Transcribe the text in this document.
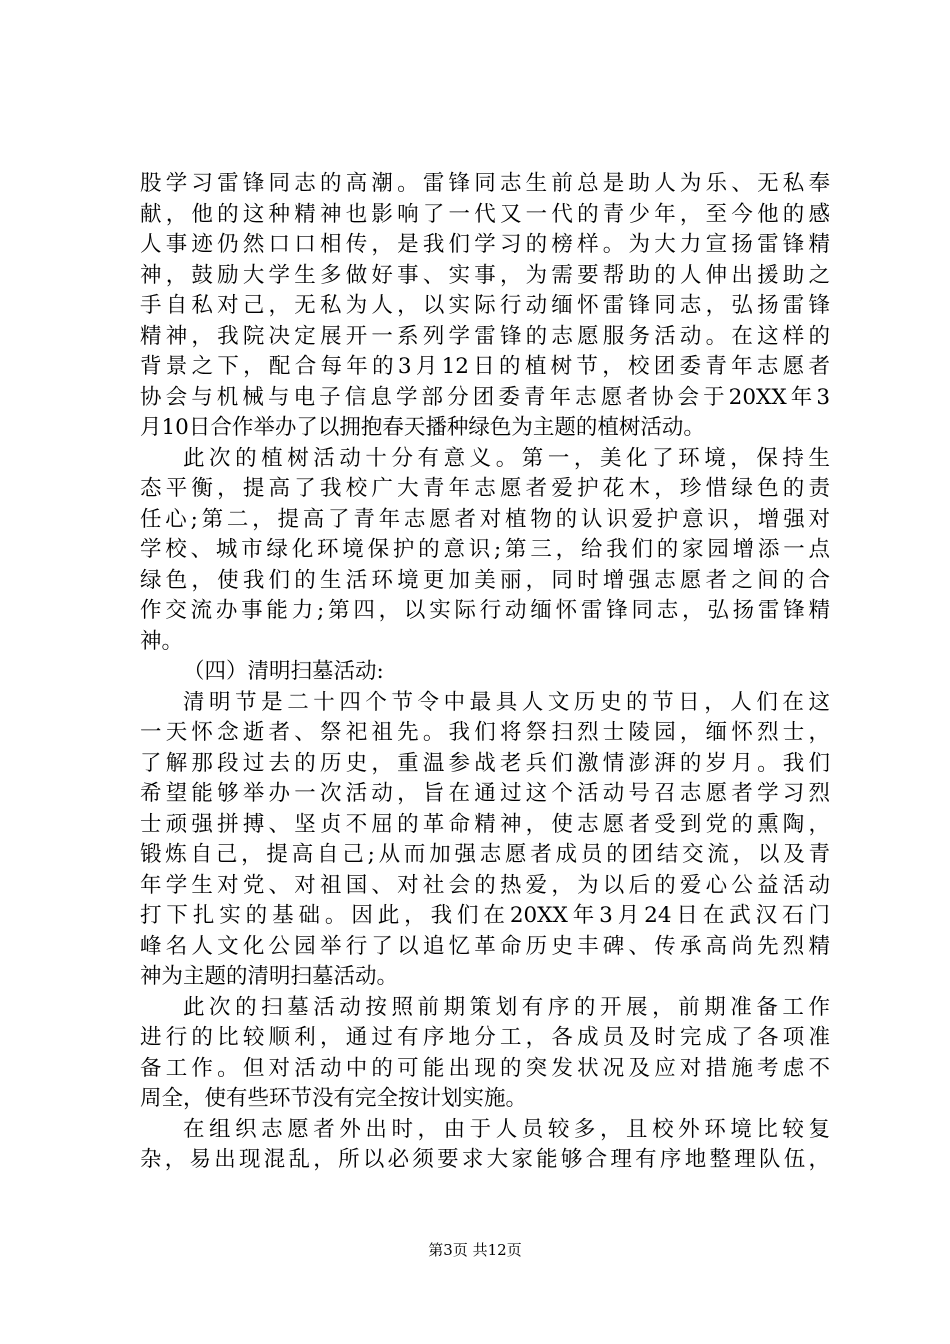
股学习雷锋同志的高潮。雷锋同志生前总是助人为乐、无私奉
献，他的这种精神也影响了一代又一代的青少年，至今他的感
人事迹仍然口口相传，是我们学习的榜样。为大力宣扬雷锋精
神，鼓励大学生多做好事、实事，为需要帮助的人伸出援助之
手自私对己，无私为人，以实际行动缅怀雷锋同志，弘扬雷锋
精神，我院决定展开一系列学雷锋的志愿服务活动。在这样的
背景之下，配合每年的3月12日的植树节，校团委青年志愿者
协会与机械与电子信息学部分团委青年志愿者协会于20XX年3
月10日合作举办了以拥抱春天播种绿色为主题的植树活动。
此次的植树活动十分有意义。第一，美化了环境，保持生
态平衡，提高了我校广大青年志愿者爱护花木，珍惜绿色的责
任心;第二，提高了青年志愿者对植物的认识爱护意识，增强对
学校、城市绿化环境保护的意识;第三，给我们的家园增添一点
绿色，使我们的生活环境更加美丽，同时增强志愿者之间的合
作交流办事能力;第四，以实际行动缅怀雷锋同志，弘扬雷锋精
神。
（四）清明扫墓活动:
清明节是二十四个节令中最具人文历史的节日，人们在这
一天怀念逝者、祭祀祖先。我们将祭扫烈士陵园，缅怀烈士，
了解那段过去的历史，重温参战老兵们激情澎湃的岁月。我们
希望能够举办一次活动，旨在通过这个活动号召志愿者学习烈
士顽强拼搏、坚贞不屈的革命精神，使志愿者受到党的熏陶，
锻炼自己，提高自己;从而加强志愿者成员的团结交流，以及青
年学生对党、对祖国、对社会的热爱，为以后的爱心公益活动
打下扎实的基础。因此，我们在20XX年3月24日在武汉石门
峰名人文化公园举行了以追忆革命历史丰碑、传承高尚先烈精
神为主题的清明扫墓活动。
此次的扫墓活动按照前期策划有序的开展，前期准备工作
进行的比较顺利，通过有序地分工，各成员及时完成了各项准
备工作。但对活动中的可能出现的突发状况及应对措施考虑不
周全，使有些环节没有完全按计划实施。
在组织志愿者外出时，由于人员较多，且校外环境比较复
杂，易出现混乱，所以必须要求大家能够合理有序地整理队伍，
第3页 共12页
